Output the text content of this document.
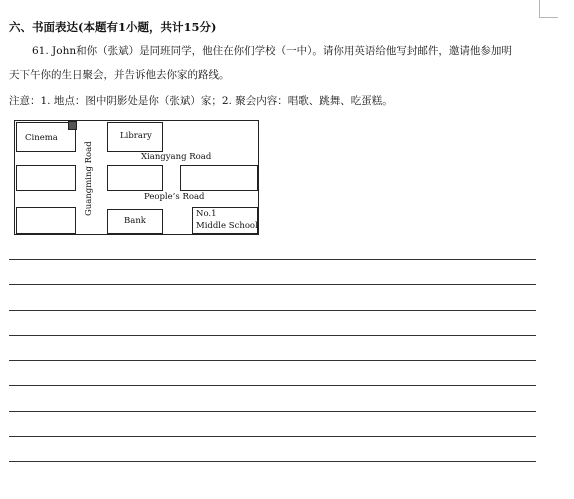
六、书面表达(本题有1小题，共计15分)
61. John和你（张斌）是同班同学，他住在你们学校（一中）。请你用英语给他写封邮件，邀请他参加明
天下午你的生日聚会，并告诉他去你家的路线。
注意：1. 地点：图中阴影处是你（张斌）家；2. 聚会内容：唱歌、跳舞、吃蛋糕。
Cinema	Library
Xiangyang Road
People’s Road
Bank
No.1
Middle School
Guangming Road
